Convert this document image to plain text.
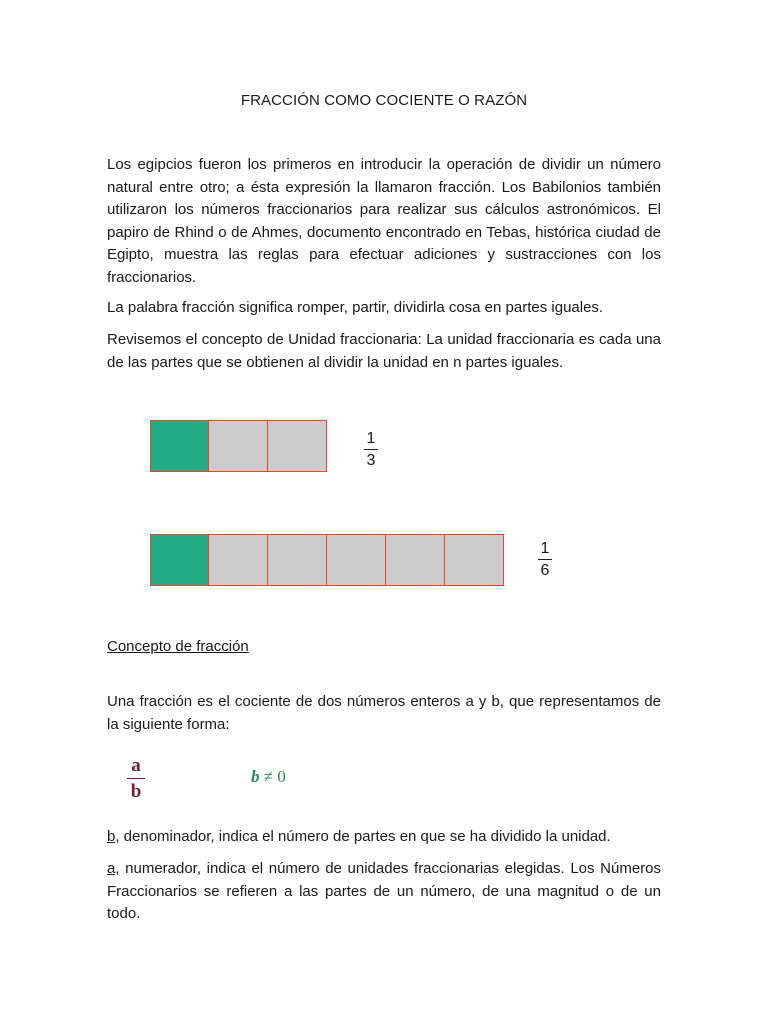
FRACCIÓN COMO COCIENTE O RAZÓN

Los egipcios fueron los primeros en introducir la operación de dividir un número natural entre otro; a ésta expresión la llamaron fracción. Los Babilonios también utilizaron los números fraccionarios para realizar sus cálculos astronómicos. El papiro de Rhind o de Ahmes, documento encontrado en Tebas, histórica ciudad de Egipto, muestra las reglas para efectuar adiciones y sustracciones con los fraccionarios.

La palabra fracción significa romper, partir, dividirla cosa en partes iguales.

Revisemos el concepto de Unidad fraccionaria: La unidad fraccionaria es cada una de las partes que se obtienen al dividir la unidad en n partes iguales.

1
3
1
6
Concepto de fracción

Una fracción es el cociente de dos números enteros a y b, que representamos de la siguiente forma:

a
b
b ≠ 0

b, denominador, indica el número de partes en que se ha dividido la unidad.

a, numerador, indica el número de unidades fraccionarias elegidas. Los Números Fraccionarios se refieren a las partes de un número, de una magnitud o de un todo.
